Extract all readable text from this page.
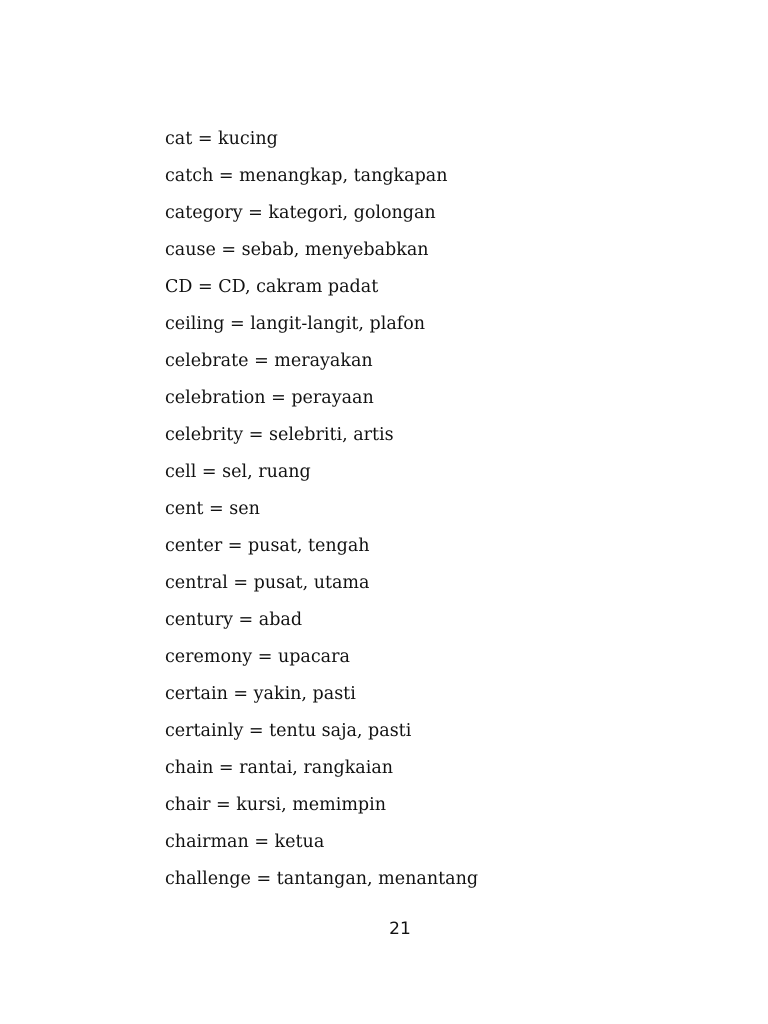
cat = kucing
catch = menangkap, tangkapan
category = kategori, golongan
cause = sebab, menyebabkan
CD = CD, cakram padat
ceiling = langit-langit, plafon
celebrate = merayakan
celebration = perayaan
celebrity = selebriti, artis
cell = sel, ruang
cent = sen
center = pusat, tengah
central = pusat, utama
century = abad
ceremony = upacara
certain = yakin, pasti
certainly = tentu saja, pasti
chain = rantai, rangkaian
chair = kursi, memimpin
chairman = ketua
challenge = tantangan, menantang
21
